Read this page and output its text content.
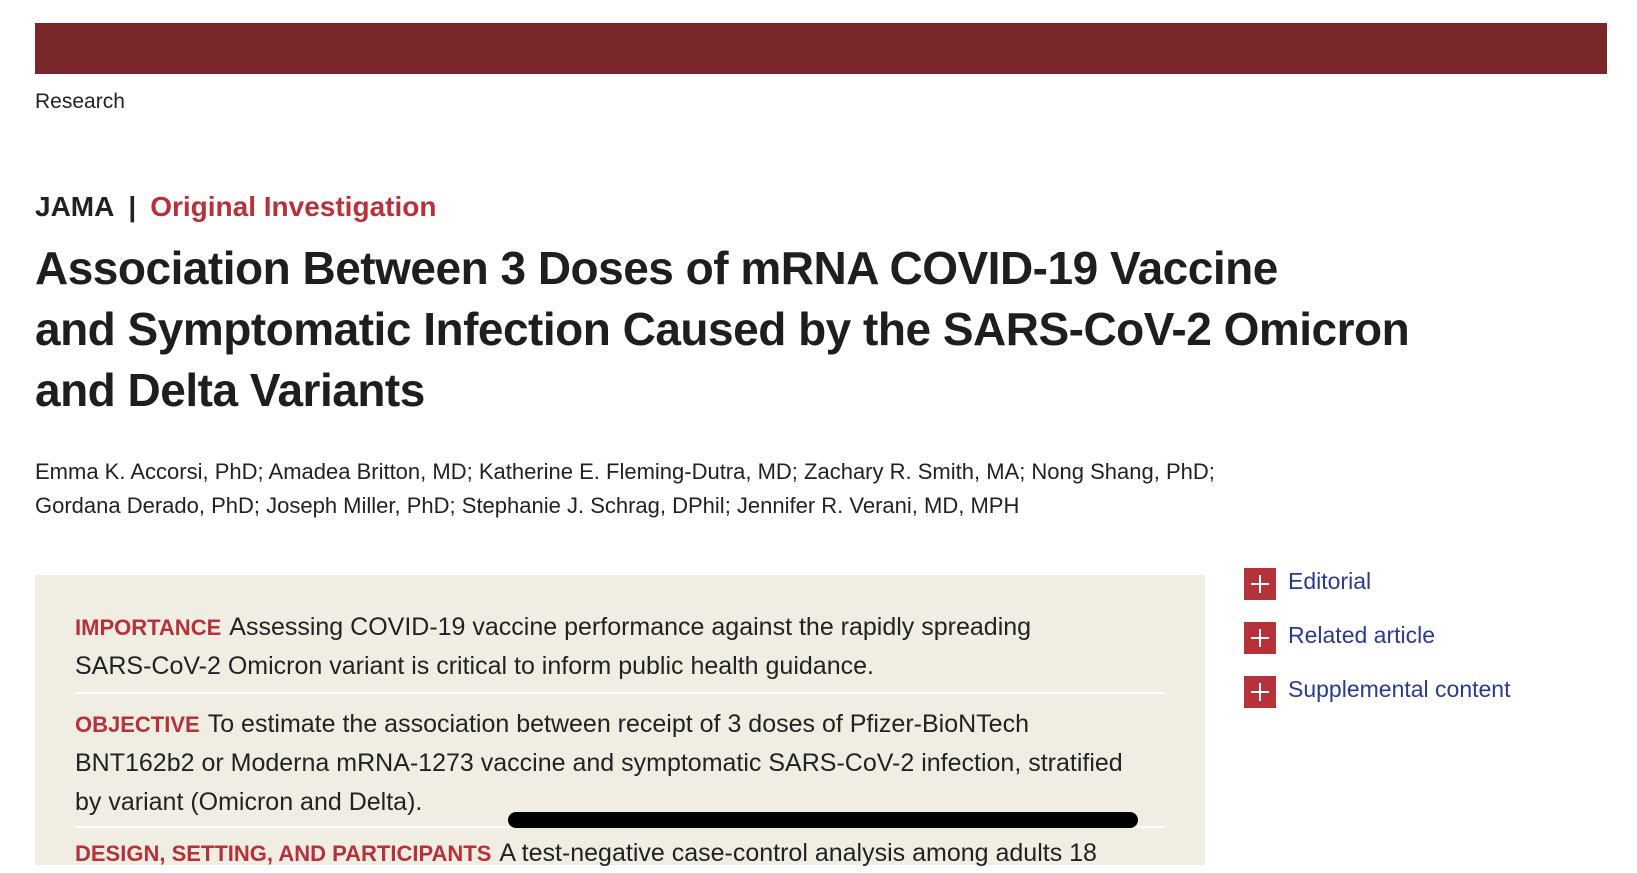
Research
JAMA | Original Investigation
Association Between 3 Doses of mRNA COVID-19 Vaccine
and Symptomatic Infection Caused by the SARS-CoV-2 Omicron
and Delta Variants
Emma K. Accorsi, PhD; Amadea Britton, MD; Katherine E. Fleming-Dutra, MD; Zachary R. Smith, MA; Nong Shang, PhD;
Gordana Derado, PhD; Joseph Miller, PhD; Stephanie J. Schrag, DPhil; Jennifer R. Verani, MD, MPH
IMPORTANCE Assessing COVID-19 vaccine performance against the rapidly spreading
SARS-CoV-2 Omicron variant is critical to inform public health guidance.
OBJECTIVE To estimate the association between receipt of 3 doses of Pfizer-BioNTech
BNT162b2 or Moderna mRNA-1273 vaccine and symptomatic SARS-CoV-2 infection, stratified
by variant (Omicron and Delta).
DESIGN, SETTING, AND PARTICIPANTS A test-negative case-control analysis among adults 18
Editorial
Related article
Supplemental content
